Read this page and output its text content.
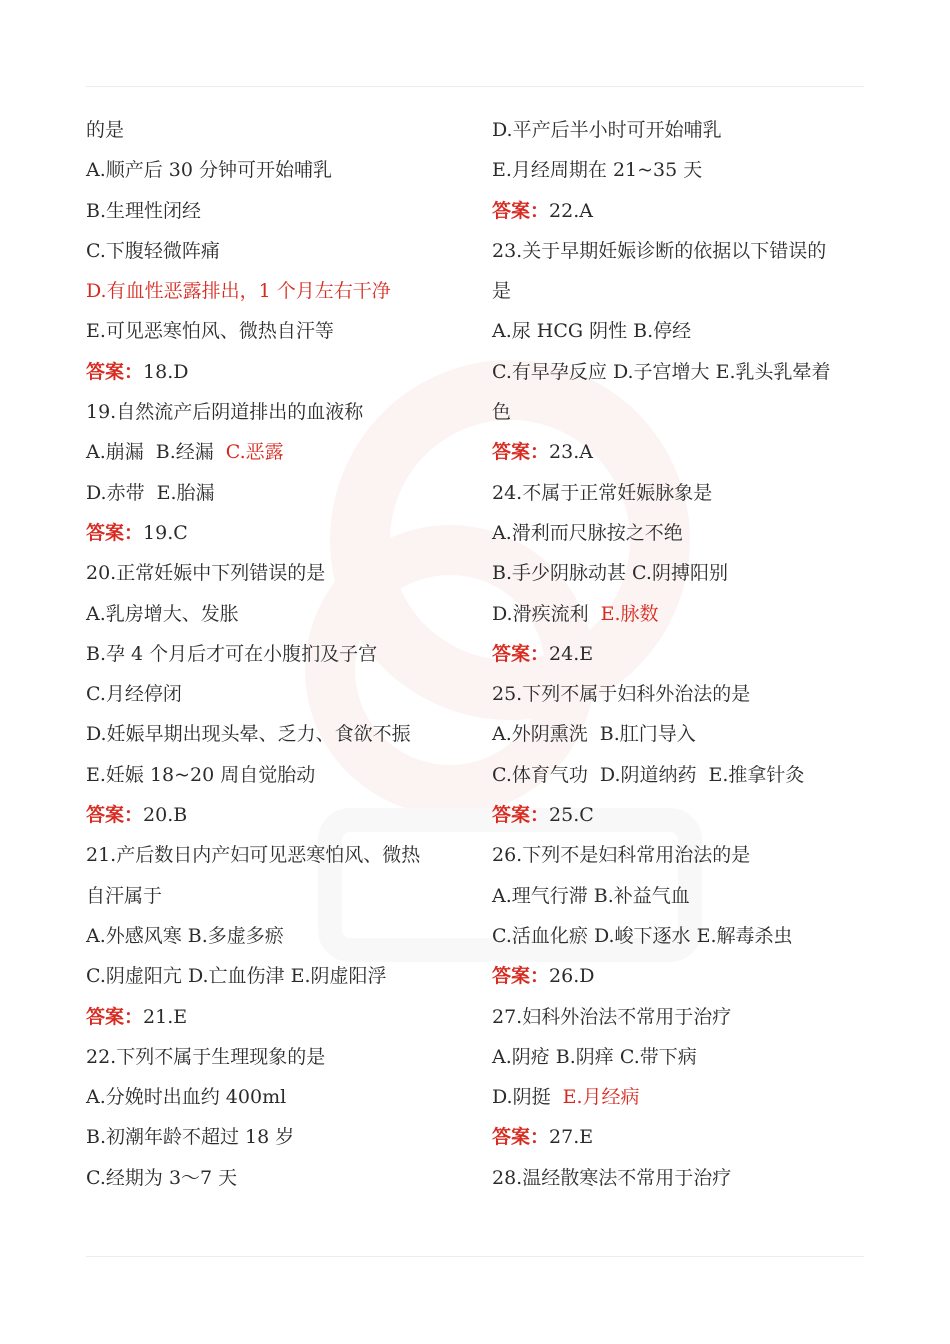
的是
A.顺产后 30 分钟可开始哺乳
B.生理性闭经
C.下腹轻微阵痛
D.有血性恶露排出，1 个月左右干净
E.可见恶寒怕风、微热自汗等
答案：18.D
19.自然流产后阴道排出的血液称
A.崩漏 B.经漏 C.恶露
D.赤带 E.胎漏
答案：19.C
20.正常妊娠中下列错误的是
A.乳房增大、发胀
B.孕 4 个月后才可在小腹扪及子宫
C.月经停闭
D.妊娠早期出现头晕、乏力、食欲不振
E.妊娠 18~20 周自觉胎动
答案：20.B
21.产后数日内产妇可见恶寒怕风、微热
自汗属于
A.外感风寒 B.多虚多瘀
C.阴虚阳亢 D.亡血伤津 E.阴虚阳浮
答案：21.E
22.下列不属于生理现象的是
A.分娩时出血约 400ml
B.初潮年龄不超过 18 岁
C.经期为 3～7 天
D.平产后半小时可开始哺乳
E.月经周期在 21~35 天
答案：22.A
23.关于早期妊娠诊断的依据以下错误的
是
A.尿 HCG 阴性 B.停经
C.有早孕反应 D.子宫增大 E.乳头乳晕着
色
答案：23.A
24.不属于正常妊娠脉象是
A.滑利而尺脉按之不绝
B.手少阴脉动甚 C.阴搏阳别
D.滑疾流利 E.脉数
答案：24.E
25.下列不属于妇科外治法的是
A.外阴熏洗 B.肛门导入
C.体育气功 D.阴道纳药 E.推拿针灸
答案：25.C
26.下列不是妇科常用治法的是
A.理气行滞 B.补益气血
C.活血化瘀 D.峻下逐水 E.解毒杀虫
答案：26.D
27.妇科外治法不常用于治疗
A.阴疮 B.阴痒 C.带下病
D.阴挺 E.月经病
答案：27.E
28.温经散寒法不常用于治疗
